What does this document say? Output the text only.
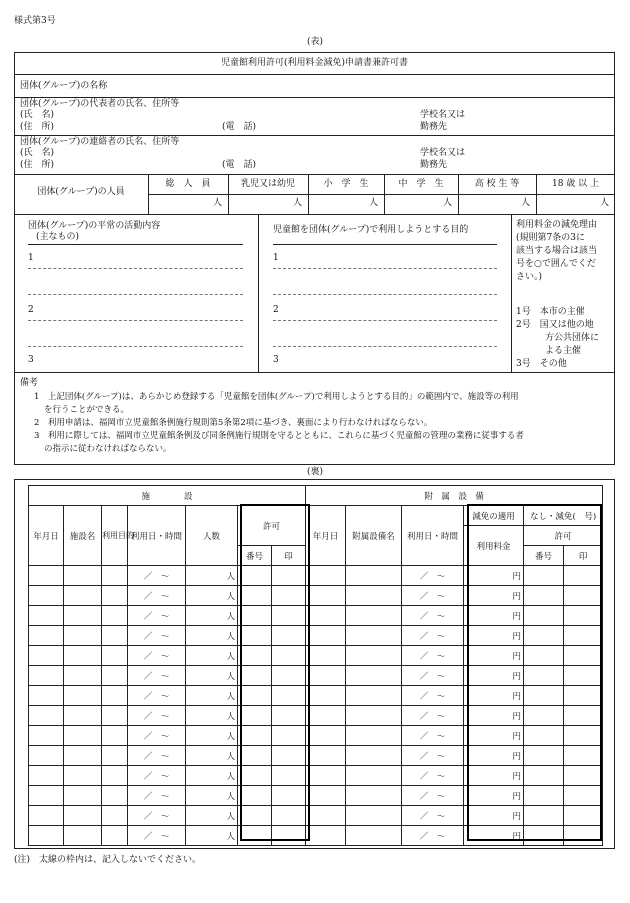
様式第3号
(表)
児童館利用許可(利用料金減免)申請書兼許可書
団体(グループ)の名称
団体(グループ)の代表者の氏名、住所等
(氏　名)
(住　所)	(電　話)
学校名又は
勤務先
団体(グループ)の連絡者の氏名、住所等
(氏　名)
(住　所)	(電　話)
学校名又は
勤務先
団体(グループ)の人員
総　人　員	乳児又は幼児	小　学　生	中　学　生	高 校 生 等	18 歳 以 上
人	人	人	人	人	人
団体(グループ)の平常の活動内容
(主なもの)
1
2
3
児童館を団体(グループ)で利用しようとする目的
1
2
3
利用料金の減免理由
(規則第7条の3に
該当する場合は該当
号を○で囲んでくだ
さい。)
1号　本市の主催
2号　国又は他の地
方公共団体に
よる主催
3号　その他
備考
1　上記団体(グループ)は、あらかじめ登録する「児童館を団体(グループ)で利用しようとする目的」の範囲内で、施設等の利用
を行うことができる。
2　利用申請は、福岡市立児童館条例施行規則第5条第2項に基づき、裏面により行わなければならない。
3　利用に際しては、福岡市立児童館条例及び同条例施行規則を守るとともに、これらに基づく児童館の管理の業務に従事する者
の指示に従わなければならない。
(裏)
施　　　　設							附　属　設　備					
年月日	施設名	利用目的	利用日・時間	人数	許可		年月日	附属設備名	利用日・時間	減免の適用	なし・減免(　号)	
										利用料金	許可	
					番号	印					番号	印
			／　～	人					／　～	円		
			／　～	人					／　～	円		
			／　～	人					／　～	円		
			／　～	人					／　～	円		
			／　～	人					／　～	円		
			／　～	人					／　～	円		
			／　～	人					／　～	円		
			／　～	人					／　～	円		
			／　～	人					／　～	円		
			／　～	人					／　～	円		
			／　～	人					／　～	円		
			／　～	人					／　～	円		
			／　～	人					／　～	円		
			／　～	人					／　～	円		
(注)　太線の枠内は、記入しないでください。
